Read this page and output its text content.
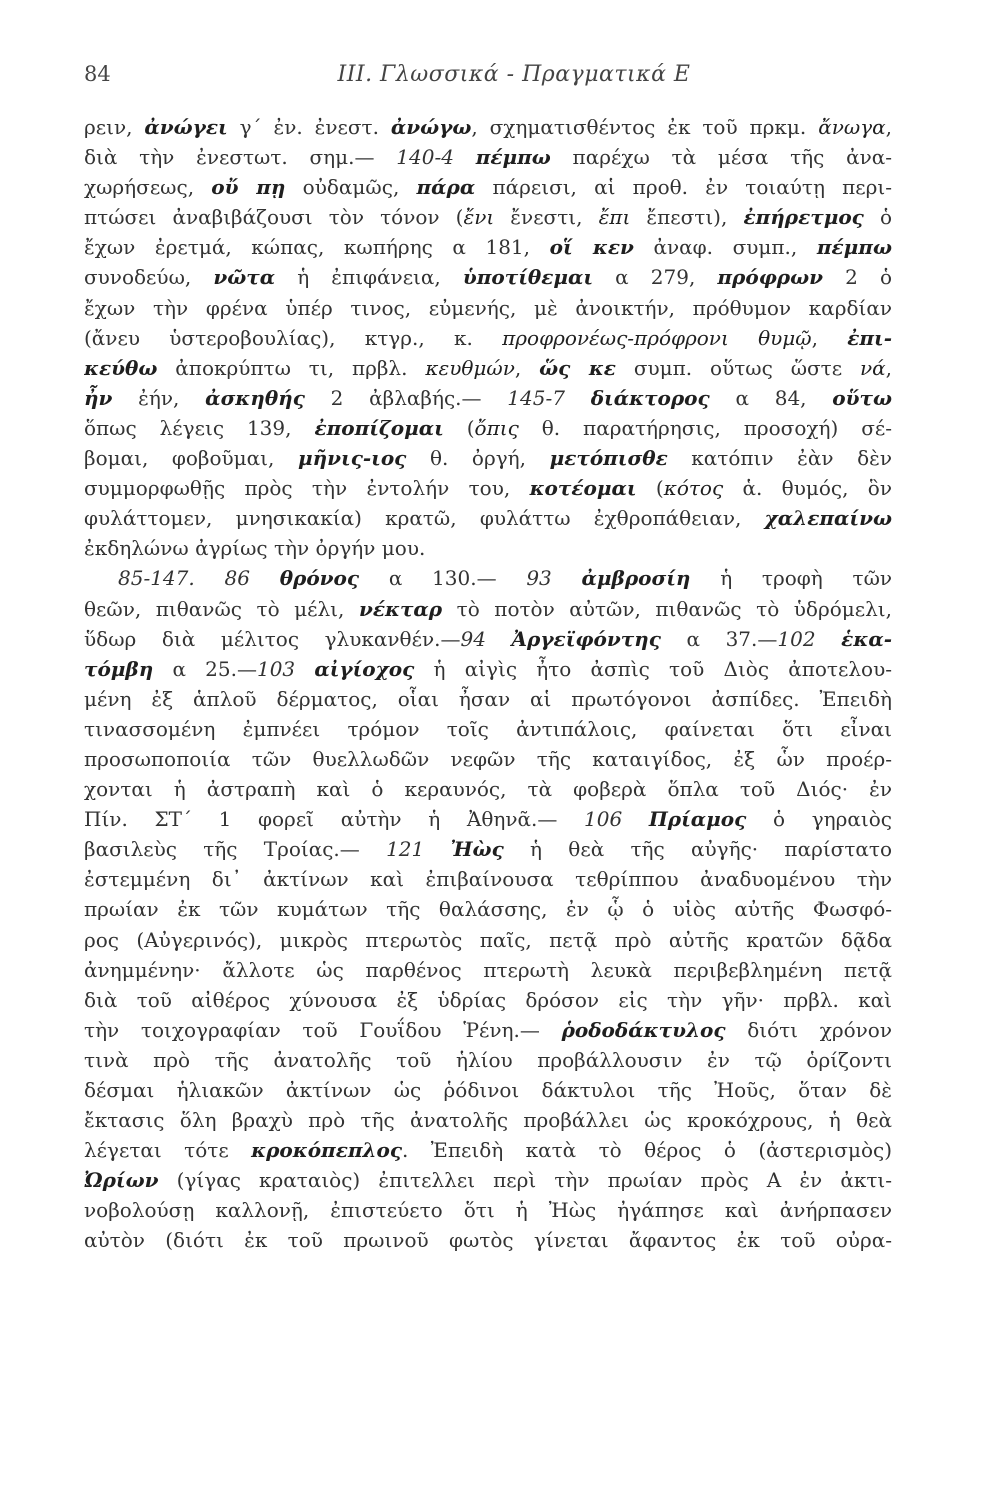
84	III. Γλωσσικά - Πραγματικά Ε
ρειν, ἀνώγει γ´ ἐν. ἐνεστ. ἀνώγω, σχηματισθέντος ἐκ τοῦ πρκμ. ἄνωγα,
διὰ τὴν ἐνεστωτ. σημ.— 140-4 πέμπω παρέχω τὰ μέσα τῆς ἀνα-
χωρήσεως, οὔ πῃ οὐδαμῶς, πάρα πάρεισι, αἱ προθ. ἐν τοιαύτῃ περι-
πτώσει ἀναβιβάζουσι τὸν τόνον (ἔνι ἔνεστι, ἔπι ἔπεστι), ἐπήρετμος ὁ
ἔχων ἐρετμά, κώπας, κωπήρης α 181, οἵ κεν ἀναφ. συμπ., πέμπω
συνοδεύω, νῶτα ἡ ἐπιφάνεια, ὑποτίθεμαι α 279, πρόφρων 2 ὁ
ἔχων τὴν φρένα ὑπέρ τινος, εὐμενής, μὲ ἀνοικτήν, πρόθυμον καρδίαν
(ἄνευ ὑστεροβουλίας), κτγρ., κ. προφρονέως-πρόφρονι θυμῷ, ἐπι-
κεύθω ἀποκρύπτω τι, πρβλ. κευθμών, ὥς κε συμπ. οὕτως ὥστε νά,
ἦν ἐήν, ἀσκηθής 2 ἀβλαβής.— 145-7 διάκτορος α 84, οὕτω
ὅπως λέγεις 139, ἐποπίζομαι (ὄπις θ. παρατήρησις, προσοχή) σέ-
βομαι, φοβοῦμαι, μῆνις-ιος θ. ὀργή, μετόπισθε κατόπιν ἐὰν δὲν
συμμορφωθῇς πρὸς τὴν ἐντολήν του, κοτέομαι (κότος ἁ. θυμός, ὃν
φυλάττομεν, μνησικακία) κρατῶ, φυλάττω ἐχθροπάθειαν, χαλεπαίνω
ἐκδηλώνω ἀγρίως τὴν ὀργήν μου.
85-147. 86 θρόνος α 130.— 93 ἀμβροσίη ἡ τροφὴ τῶν
θεῶν, πιθανῶς τὸ μέλι, νέκταρ τὸ ποτὸν αὐτῶν, πιθανῶς τὸ ὑδρόμελι,
ὕδωρ διὰ μέλιτος γλυκανθέν.—94 Ἀργεϊφόντης α 37.—102 ἑκα-
τόμβη α 25.—103 αἰγίοχος ἡ αἰγὶς ἦτο ἀσπὶς τοῦ Διὸς ἀποτελου-
μένη ἐξ ἁπλοῦ δέρματος, οἷαι ἦσαν αἱ πρωτόγονοι ἀσπίδες. Ἐπειδὴ
τινασσομένη ἐμπνέει τρόμον τοῖς ἀντιπάλοις, φαίνεται ὅτι εἶναι
προσωποποιία τῶν θυελλωδῶν νεφῶν τῆς καταιγίδος, ἐξ ὧν προέρ-
χονται ἡ ἀστραπὴ καὶ ὁ κεραυνός, τὰ φοβερὰ ὅπλα τοῦ Διός· ἐν
Πίν. ΣΤ´ 1 φορεῖ αὐτὴν ἡ Ἀθηνᾶ.— 106 Πρίαμος ὁ γηραιὸς
βασιλεὺς τῆς Τροίας.— 121 Ἠὼς ἡ θεὰ τῆς αὐγῆς· παρίστατο
ἐστεμμένη δι᾽ ἀκτίνων καὶ ἐπιβαίνουσα τεθρίππου ἀναδυομένου τὴν
πρωίαν ἐκ τῶν κυμάτων τῆς θαλάσσης, ἐν ᾧ ὁ υἱὸς αὐτῆς Φωσφό-
ρος (Αὐγερινός), μικρὸς πτερωτὸς παῖς, πετᾷ πρὸ αὐτῆς κρατῶν δᾷδα
ἀνημμένην· ἄλλοτε ὡς παρθένος πτερωτὴ λευκὰ περιβεβλημένη πετᾷ
διὰ τοῦ αἰθέρος χύνουσα ἐξ ὑδρίας δρόσον εἰς τὴν γῆν· πρβλ. καὶ
τὴν τοιχογραφίαν τοῦ Γουΐδου Ῥένη.— ῥοδοδάκτυλος διότι χρόνον
τινὰ πρὸ τῆς ἀνατολῆς τοῦ ἡλίου προβάλλουσιν ἐν τῷ ὁρίζοντι
δέσμαι ἡλιακῶν ἀκτίνων ὡς ῥόδινοι δάκτυλοι τῆς Ἠοῦς, ὅταν δὲ
ἔκτασις ὅλη βραχὺ πρὸ τῆς ἀνατολῆς προβάλλει ὡς κροκόχρους, ἡ θεὰ
λέγεται τότε κροκόπεπλος. Ἐπειδὴ κατὰ τὸ θέρος ὁ (ἀστερισμὸς)
Ὠρίων (γίγας κραταιὸς) ἐπιτελλει περὶ τὴν πρωίαν πρὸς Α ἐν ἀκτι-
νοβολούσῃ καλλονῇ, ἐπιστεύετο ὅτι ἡ Ἠὼς ἠγάπησε καὶ ἀνήρπασεν
αὐτὸν (διότι ἐκ τοῦ πρωινοῦ φωτὸς γίνεται ἄφαντος ἐκ τοῦ οὐρα-
